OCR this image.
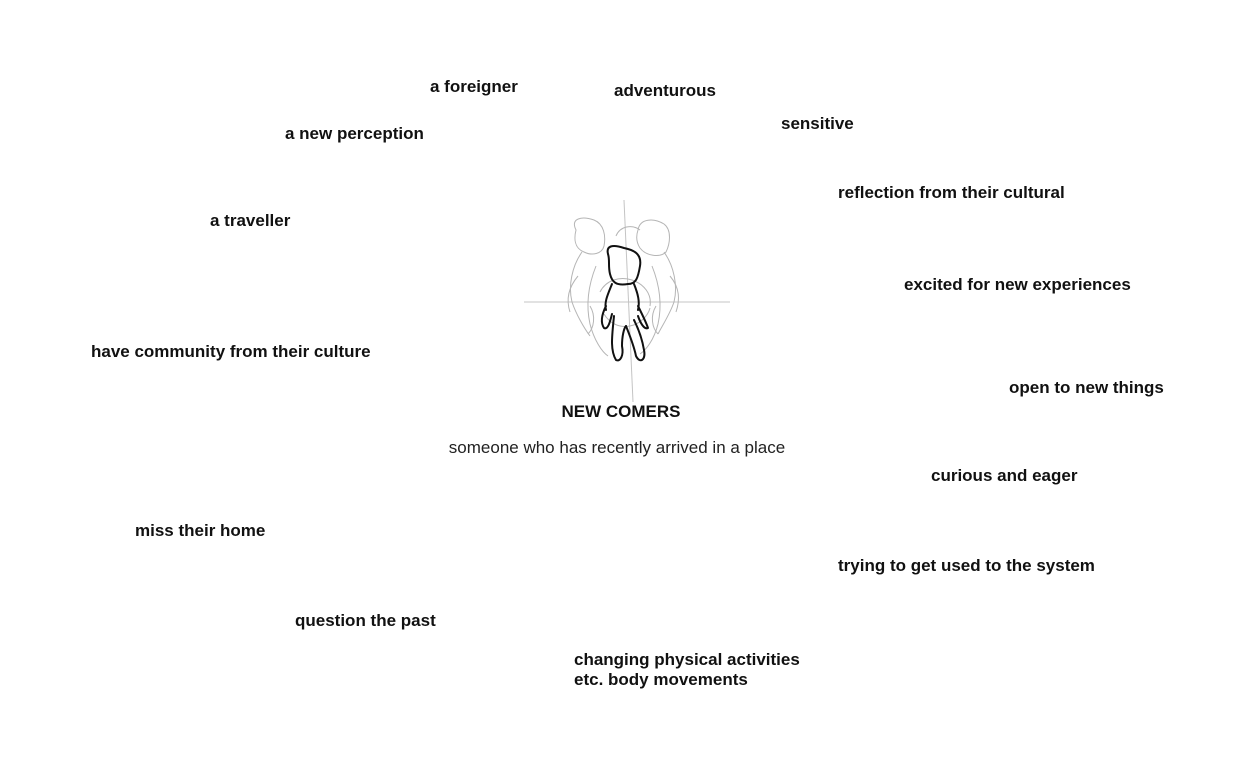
a foreigner	adventurous
sensitive
a new perception
reflection from their cultural
a traveller
excited for new experiences
have community from their culture
open to new things
curious and eager
miss their home
trying to get used to the system
question the past
changing physical activities
etc. body movements
NEW COMERS
someone who has recently arrived in a place
